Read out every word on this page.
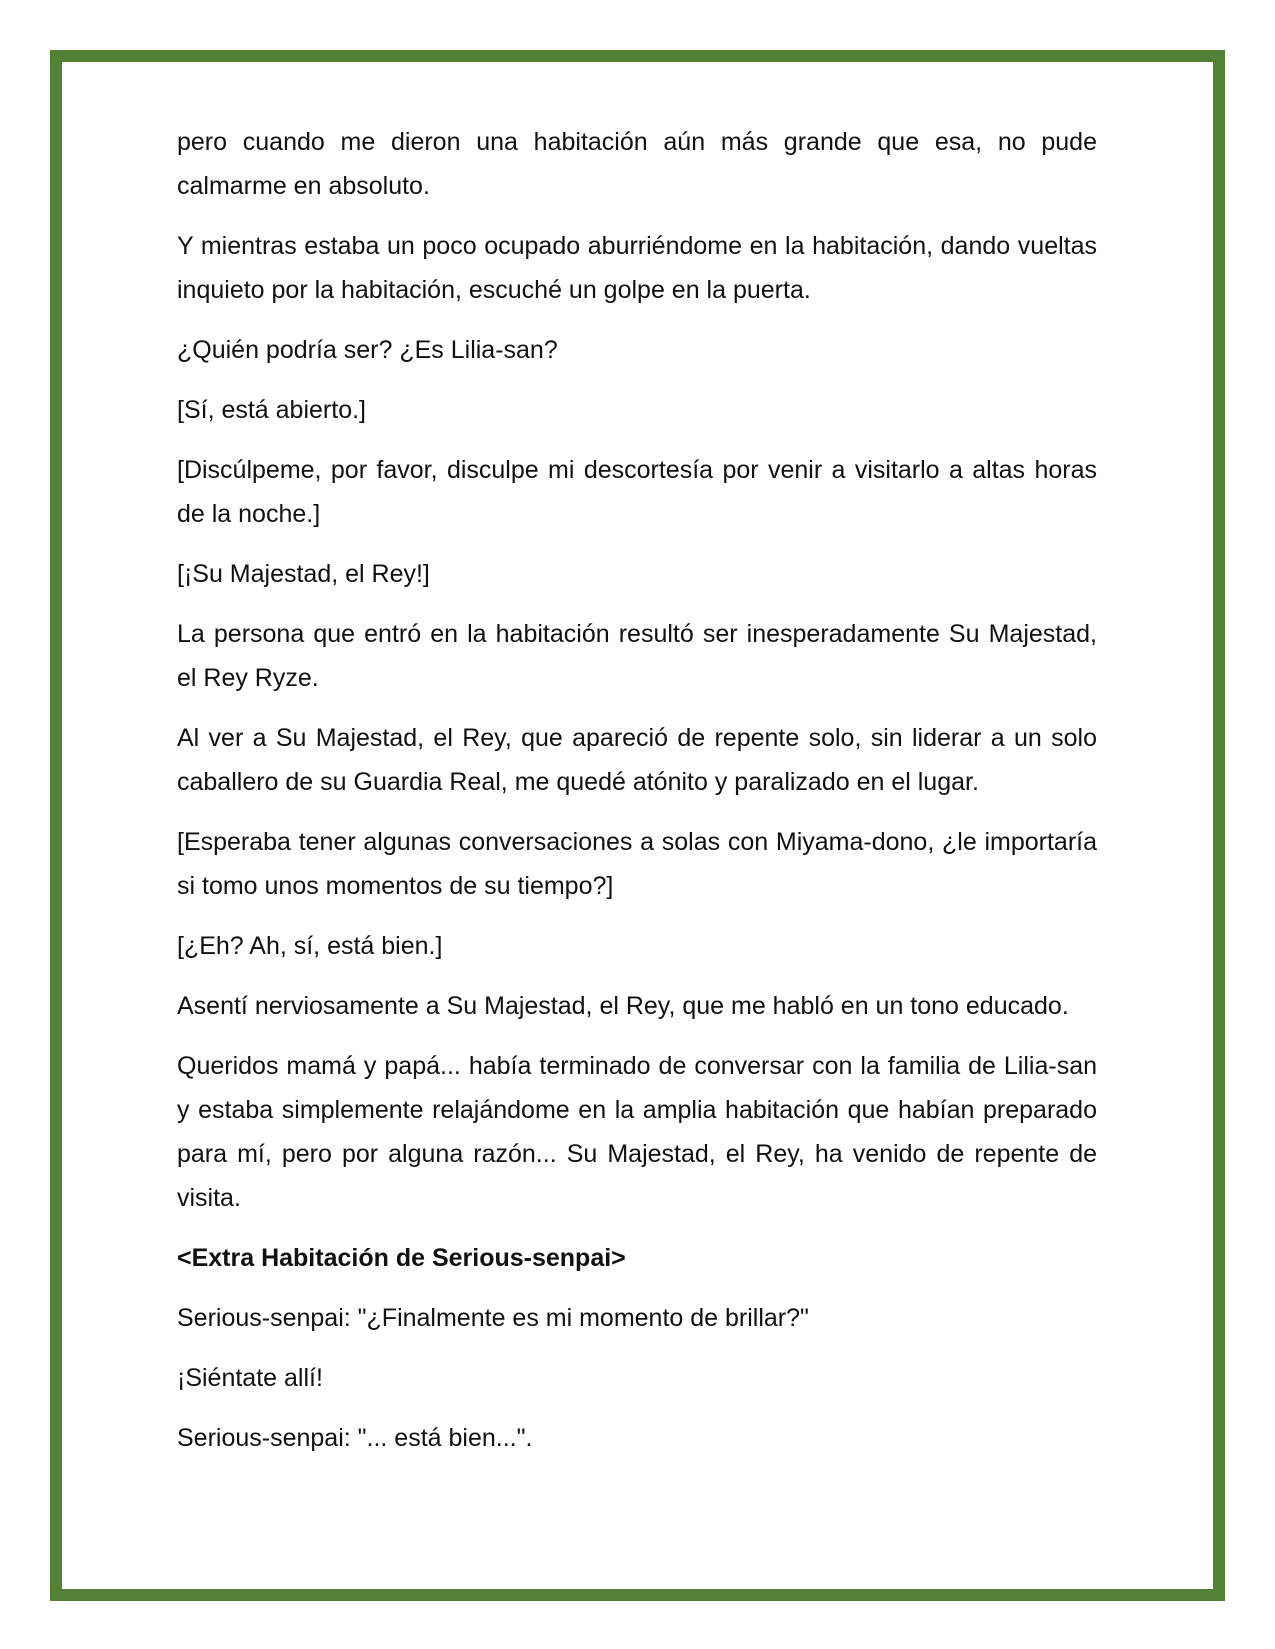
pero cuando me dieron una habitación aún más grande que esa, no pude calmarme en absoluto.

Y mientras estaba un poco ocupado aburriéndome en la habitación, dando vueltas inquieto por la habitación, escuché un golpe en la puerta.

¿Quién podría ser? ¿Es Lilia-san?

[Sí, está abierto.]

[Discúlpeme, por favor, disculpe mi descortesía por venir a visitarlo a altas horas de la noche.]

[¡Su Majestad, el Rey!]

La persona que entró en la habitación resultó ser inesperadamente Su Majestad, el Rey Ryze.

Al ver a Su Majestad, el Rey, que apareció de repente solo, sin liderar a un solo caballero de su Guardia Real, me quedé atónito y paralizado en el lugar.

[Esperaba tener algunas conversaciones a solas con Miyama-dono, ¿le importaría si tomo unos momentos de su tiempo?]

[¿Eh? Ah, sí, está bien.]

Asentí nerviosamente a Su Majestad, el Rey, que me habló en un tono educado.

Queridos mamá y papá... había terminado de conversar con la familia de Lilia-san y estaba simplemente relajándome en la amplia habitación que habían preparado para mí, pero por alguna razón... Su Majestad, el Rey, ha venido de repente de visita.

<Extra Habitación de Serious-senpai>

Serious-senpai: "¿Finalmente es mi momento de brillar?"

¡Siéntate allí!

Serious-senpai: "... está bien...".
